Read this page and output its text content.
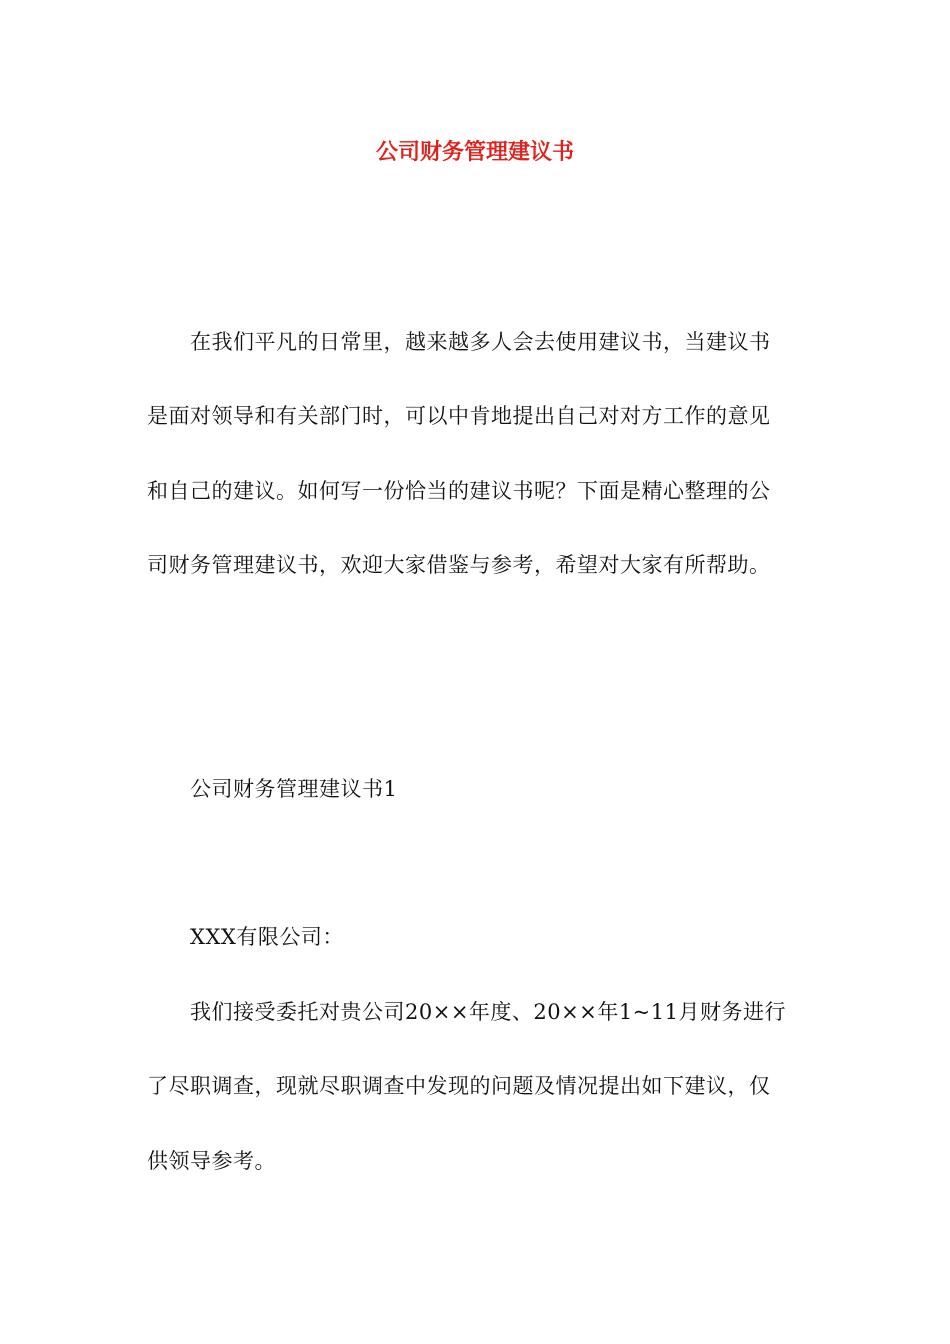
公司财务管理建议书

在我们平凡的日常里，越来越多人会去使用建议书，当建议书

是面对领导和有关部门时，可以中肯地提出自己对对方工作的意见

和自己的建议。如何写一份恰当的建议书呢？下面是精心整理的公

司财务管理建议书，欢迎大家借鉴与参考，希望对大家有所帮助。

公司财务管理建议书1

XXX有限公司：

我们接受委托对贵公司20××年度、20××年1~11月财务进行

了尽职调查，现就尽职调查中发现的问题及情况提出如下建议，仅

供领导参考。
